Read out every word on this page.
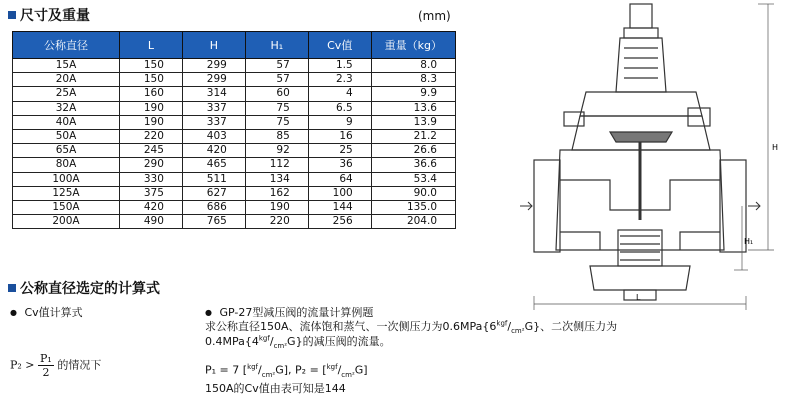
尺寸及重量	(mm)
公称直径	L	H	H₁	Cv值	重量（kg）
15A	150	299	57	1.5	8.0
20A	150	299	57	2.3	8.3
25A	160	314	60	4	9.9
32A	190	337	75	6.5	13.6
40A	190	337	75	9	13.9
50A	220	403	85	16	21.2
65A	245	420	92	25	26.6
80A	290	465	112	36	36.6
100A	330	511	134	64	53.4
125A	375	627	162	100	90.0
150A	420	686	190	144	135.0
200A	490	765	220	256	204.0
公称直径选定的计算式
● Cv值计算式
$P_2 > \frac{\text{P₁}}{2}$ 的情况下
● GP-27型减压阀的流量计算例题
求公称直径150A、流体饱和蒸气、一次侧压力为$0.6MPa\{6^{kgf}/_{cm^2}G\}$、二次侧压力为
$0.4MPa\{4^{kgf}/_{cm^2}G\}$的减压阀的流量。
P₁ = 7 $[^{kgf}/_{cm^2}G]$, $P_2 = [^{kgf}/_{cm^2}G]$
150A的Cv值由表可知是144
H
H₁
L
